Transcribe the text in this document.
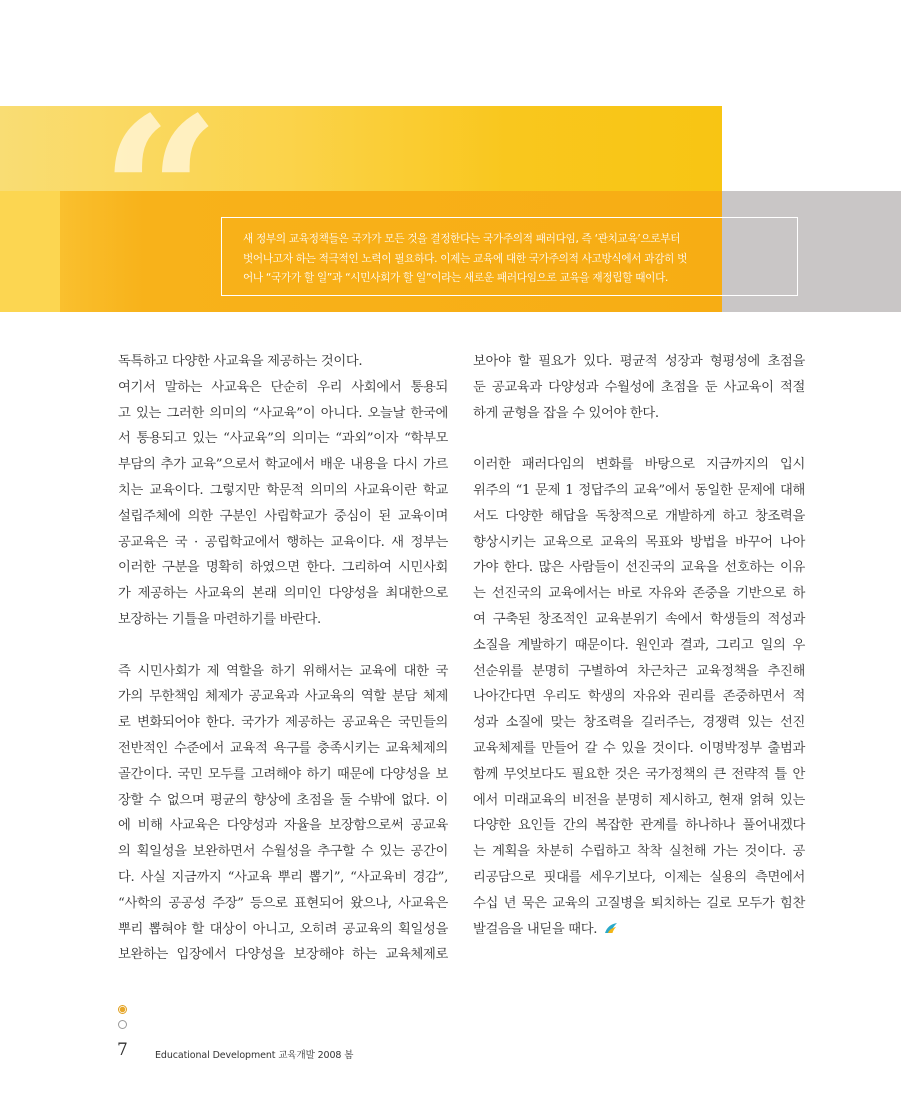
“ 새 정부의 교육정책들은 국가가 모든 것을 결정한다는 국가주의적 패러다임, 즉 ‘관치교육’으로부터
벗어나고자 하는 적극적인 노력이 필요하다. 이제는 교육에 대한 국가주의적 사고방식에서 과감히 벗
어나 “국가가 할 일”과 “시민사회가 할 일”이라는 새로운 패러다임으로 교육을 재정립할 때이다.
독특하고 다양한 사교육을 제공하는 것이다.
여기서 말하는 사교육은 단순히 우리 사회에서 통용되
고 있는 그러한 의미의 “사교육”이 아니다. 오늘날 한국에
서 통용되고 있는 “사교육”의 의미는 “과외”이자 “학부모
부담의 추가 교육”으로서 학교에서 배운 내용을 다시 가르
치는 교육이다. 그렇지만 학문적 의미의 사교육이란 학교
설립주체에 의한 구분인 사립학교가 중심이 된 교육이며
공교육은 국 · 공립학교에서 행하는 교육이다. 새 정부는
이러한 구분을 명확히 하였으면 한다. 그리하여 시민사회
가 제공하는 사교육의 본래 의미인 다양성을 최대한으로
보장하는 기틀을 마련하기를 바란다.
즉 시민사회가 제 역할을 하기 위해서는 교육에 대한 국
가의 무한책임 체제가 공교육과 사교육의 역할 분담 체제
로 변화되어야 한다. 국가가 제공하는 공교육은 국민들의
전반적인 수준에서 교육적 욕구를 충족시키는 교육체제의
골간이다. 국민 모두를 고려해야 하기 때문에 다양성을 보
장할 수 없으며 평균의 향상에 초점을 둘 수밖에 없다. 이
에 비해 사교육은 다양성과 자율을 보장함으로써 공교육
의 획일성을 보완하면서 수월성을 추구할 수 있는 공간이
다. 사실 지금까지 “사교육 뿌리 뽑기”, “사교육비 경감”,
“사학의 공공성 주장” 등으로 표현되어 왔으나, 사교육은
뿌리 뽑혀야 할 대상이 아니고, 오히려 공교육의 획일성을
보완하는 입장에서 다양성을 보장해야 하는 교육체제로
보아야 할 필요가 있다. 평균적 성장과 형평성에 초점을
둔 공교육과 다양성과 수월성에 초점을 둔 사교육이 적절
하게 균형을 잡을 수 있어야 한다.
이러한 패러다임의 변화를 바탕으로 지금까지의 입시
위주의 “1 문제 1 정답주의 교육”에서 동일한 문제에 대해
서도 다양한 해답을 독창적으로 개발하게 하고 창조력을
향상시키는 교육으로 교육의 목표와 방법을 바꾸어 나아
가야 한다. 많은 사람들이 선진국의 교육을 선호하는 이유
는 선진국의 교육에서는 바로 자유와 존중을 기반으로 하
여 구축된 창조적인 교육분위기 속에서 학생들의 적성과
소질을 계발하기 때문이다. 원인과 결과, 그리고 일의 우
선순위를 분명히 구별하여 차근차근 교육정책을 추진해
나아간다면 우리도 학생의 자유와 권리를 존중하면서 적
성과 소질에 맞는 창조력을 길러주는, 경쟁력 있는 선진
교육체제를 만들어 갈 수 있을 것이다. 이명박정부 출범과
함께 무엇보다도 필요한 것은 국가정책의 큰 전략적 틀 안
에서 미래교육의 비전을 분명히 제시하고, 현재 얽혀 있는
다양한 요인들 간의 복잡한 관계를 하나하나 풀어내겠다
는 계획을 차분히 수립하고 착착 실천해 가는 것이다. 공
리공담으로 핏대를 세우기보다, 이제는 실용의 측면에서
수십 년 묵은 교육의 고질병을 퇴치하는 길로 모두가 힘찬
발걸음을 내딛을 때다.
7	Educational Development 교육개발 2008 봄
